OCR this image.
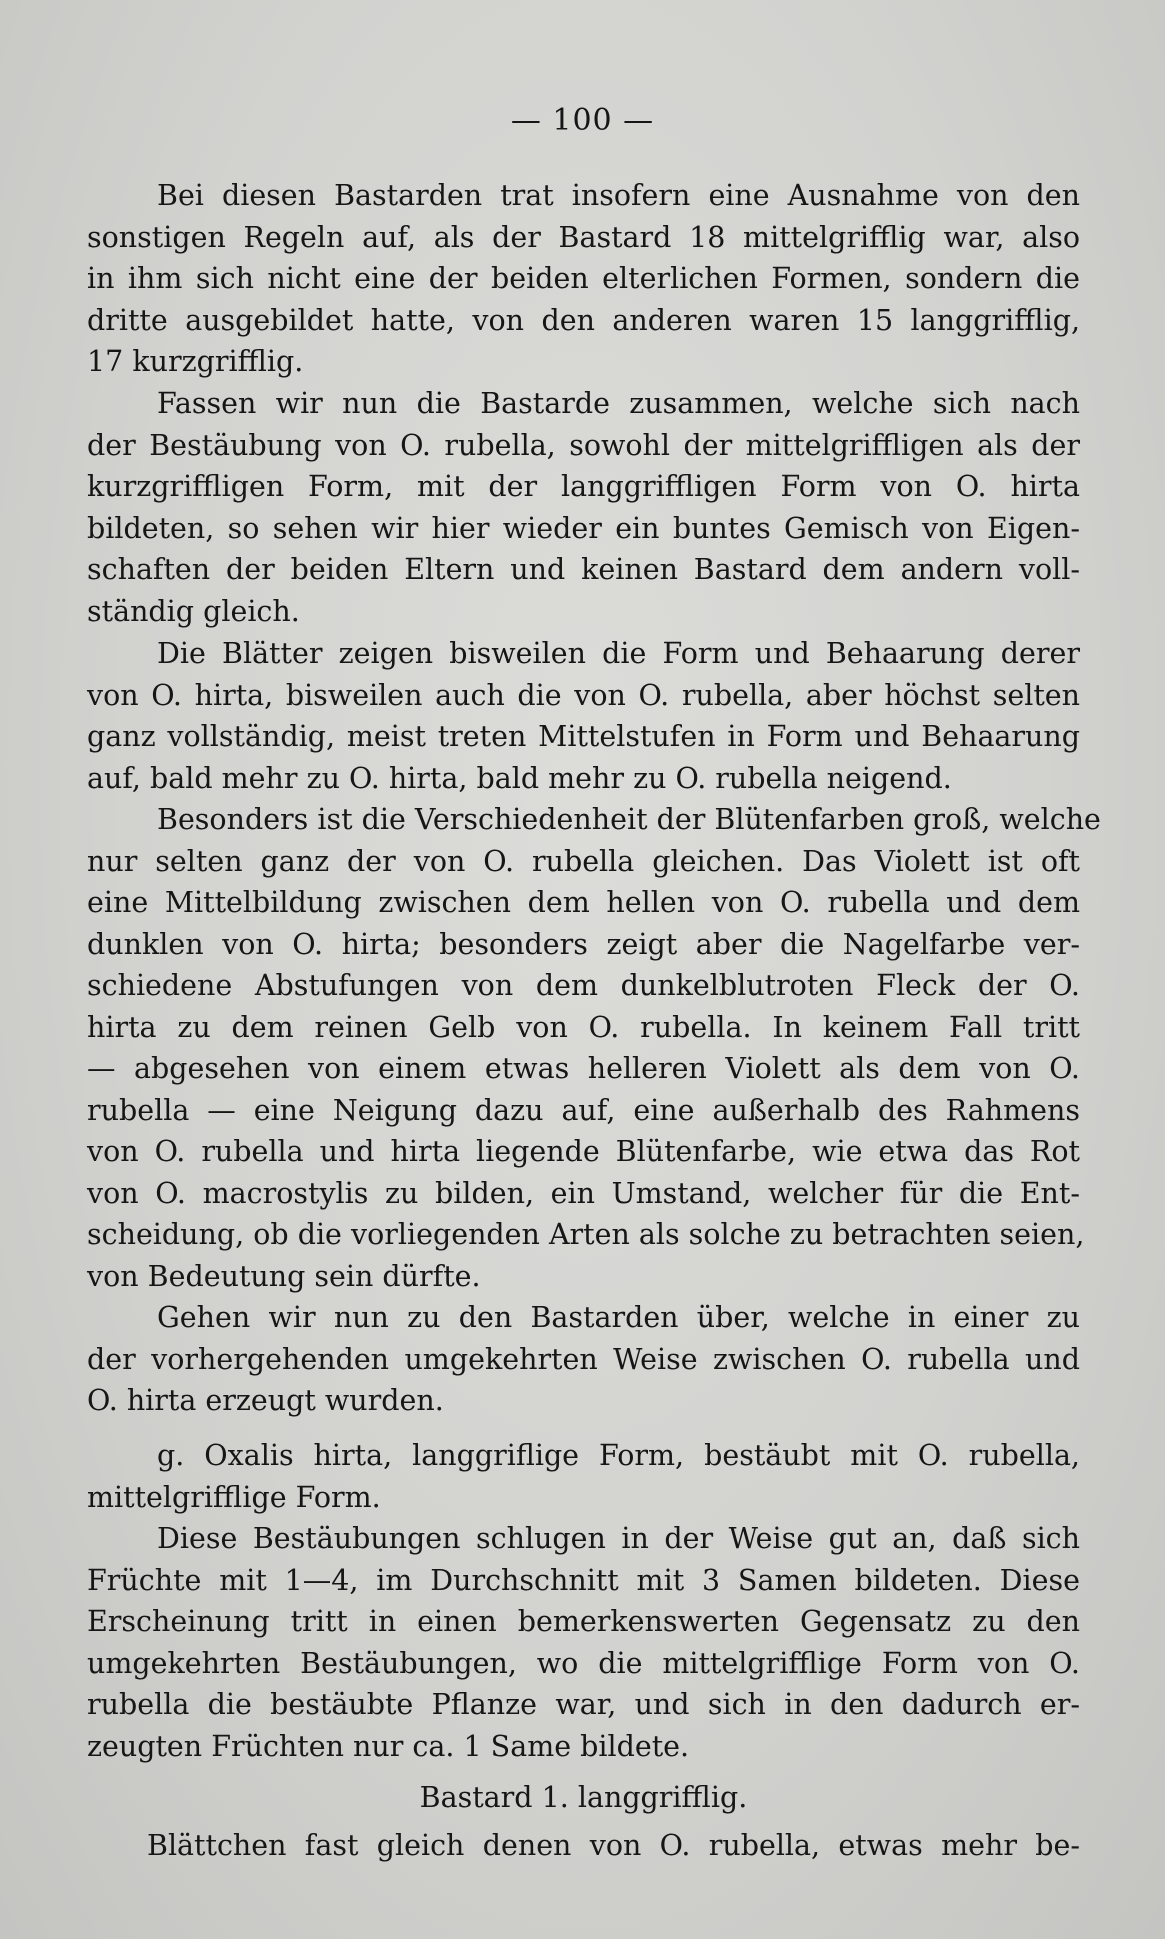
— 100 —
Bei diesen Bastarden trat insofern eine Ausnahme von den
sonstigen Regeln auf, als der Bastard 18 mittelgrifflig war, also
in ihm sich nicht eine der beiden elterlichen Formen, sondern die
dritte ausgebildet hatte, von den anderen waren 15 langgrifflig,
17 kurzgrifflig.
Fassen wir nun die Bastarde zusammen, welche sich nach
der Bestäubung von O. rubella, sowohl der mittelgriffligen als der
kurzgriffligen Form, mit der langgriffligen Form von O. hirta
bildeten, so sehen wir hier wieder ein buntes Gemisch von Eigen-
schaften der beiden Eltern und keinen Bastard dem andern voll-
ständig gleich.
Die Blätter zeigen bisweilen die Form und Behaarung derer
von O. hirta, bisweilen auch die von O. rubella, aber höchst selten
ganz vollständig, meist treten Mittelstufen in Form und Behaarung
auf, bald mehr zu O. hirta, bald mehr zu O. rubella neigend.
Besonders ist die Verschiedenheit der Blütenfarben groß, welche
nur selten ganz der von O. rubella gleichen. Das Violett ist oft
eine Mittelbildung zwischen dem hellen von O. rubella und dem
dunklen von O. hirta; besonders zeigt aber die Nagelfarbe ver-
schiedene Abstufungen von dem dunkelblutroten Fleck der O.
hirta zu dem reinen Gelb von O. rubella. In keinem Fall tritt
— abgesehen von einem etwas helleren Violett als dem von O.
rubella — eine Neigung dazu auf, eine außerhalb des Rahmens
von O. rubella und hirta liegende Blütenfarbe, wie etwa das Rot
von O. macrostylis zu bilden, ein Umstand, welcher für die Ent-
scheidung, ob die vorliegenden Arten als solche zu betrachten seien,
von Bedeutung sein dürfte.
Gehen wir nun zu den Bastarden über, welche in einer zu
der vorhergehenden umgekehrten Weise zwischen O. rubella und
O. hirta erzeugt wurden.
g. Oxalis hirta, langgriflige Form, bestäubt mit O. rubella,
mittelgrifflige Form.
Diese Bestäubungen schlugen in der Weise gut an, daß sich
Früchte mit 1—4, im Durchschnitt mit 3 Samen bildeten. Diese
Erscheinung tritt in einen bemerkenswerten Gegensatz zu den
umgekehrten Bestäubungen, wo die mittelgrifflige Form von O.
rubella die bestäubte Pflanze war, und sich in den dadurch er-
zeugten Früchten nur ca. 1 Same bildete.
Bastard 1. langgrifflig.
Blättchen fast gleich denen von O. rubella, etwas mehr be-
